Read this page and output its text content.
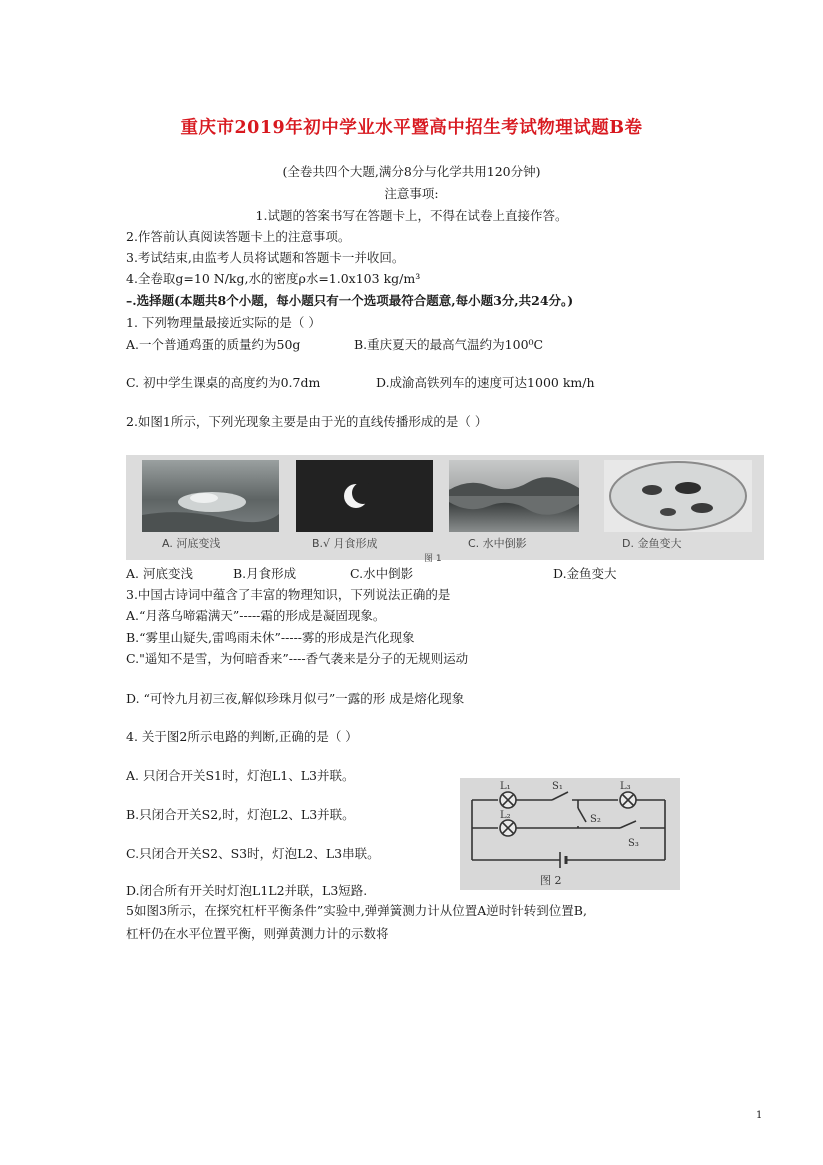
重庆市2019年初中学业水平暨高中招生考试物理试题B卷
(全卷共四个大题,满分8分与化学共用120分钟)
注意事项:
1.试题的答案书写在答题卡上，不得在试卷上直接作答。
2.作答前认真阅读答题卡上的注意事项。
3.考试结束,由监考人员将试题和答题卡一并收回。
4.全卷取g=10 N/kg,水的密度ρ水=1.0x103 kg/m³
–.选择题(本题共8个小题，每小题只有一个选项最符合题意,每小题3分,共24分。)
1. 下列物理量最接近实际的是（ ）
A.一个普通鸡蛋的质量约为50g	B.重庆夏天的最高气温约为100⁰C
C. 初中学生课桌的高度约为0.7dm	D.成渝高铁列车的速度可达1000 km/h
2.如图1所示，下列光现象主要是由于光的直线传播形成的是（ ）
A. 河底变浅	B.√ 月食形成	C. 水中倒影
图 1
D. 金鱼变大
A. 河底变浅	B.月食形成	C.水中倒影	D.金鱼变大
3.中国古诗词中蕴含了丰富的物理知识，下列说法正确的是
A.“月落乌啼霜满天”-----霜的形成是凝固现象。
B.“雾里山疑失,雷鸣雨未休”-----雾的形成是汽化现象
C."遥知不是雪，为何暗香来”----香气袭来是分子的无规则运动
D. “可怜九月初三夜,解似珍珠月似弓”一露的形 成是熔化现象
4. 关于图2所示电路的判断,正确的是（ ）
A. 只闭合开关S1时，灯泡L1、L3并联。
B.只闭合开关S2,时，灯泡L2、L3并联。
C.只闭合开关S2、S3时，灯泡L2、L3串联。
D.闭合所有开关时灯泡L1L2并联，L3短路.
L₁	S₁	L₃
L₂	S₂
S₃
图 2
5如图3所示，在探究杠杆平衡条件”实验中,弹弹簧测力计从位置A逆时针转到位置B,
杠杆仍在水平位置平衡，则弹黄测力计的示数将
1
